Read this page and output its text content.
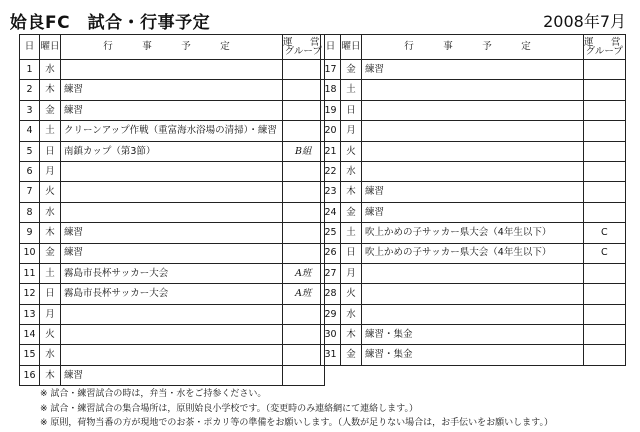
姶良FC　試合・行事予定	2008年7月
日	曜日	行　事　予　定	運　営
グループ

1	水		
2	木	練習	
3	金	練習	
4	土	クリーンアップ作戦（重富海水浴場の清掃）・練習	
5	日	南鎮カップ（第3節）	B組
6	月		
7	火		
8	水		
9	木	練習	
10	金	練習	
11	土	霧島市長杯サッカー大会	A班
12	日	霧島市長杯サッカー大会	A班
13	月		
14	火		
15	水		
16	木	練習	
日	曜日	行　事　予　定	運　営
グループ

17	金	練習	
18	土		
19	日		
20	月		
21	火		
22	水		
23	木	練習	
24	金	練習	
25	土	吹上かめの子サッカー県大会（4年生以下）	C
26	日	吹上かめの子サッカー県大会（4年生以下）	C
27	月		
28	火		
29	水		
30	木	練習・集金	
31	金	練習・集金	
※ 試合・練習試合の時は，弁当・水をご持参ください。
※ 試合・練習試合の集合場所は，原則姶良小学校です。（変更時のみ連絡網にて連絡します。）
※ 原則，荷物当番の方が現地でのお茶・ポカリ等の準備をお願いします。（人数が足りない場合は，お手伝いをお願いします。）
